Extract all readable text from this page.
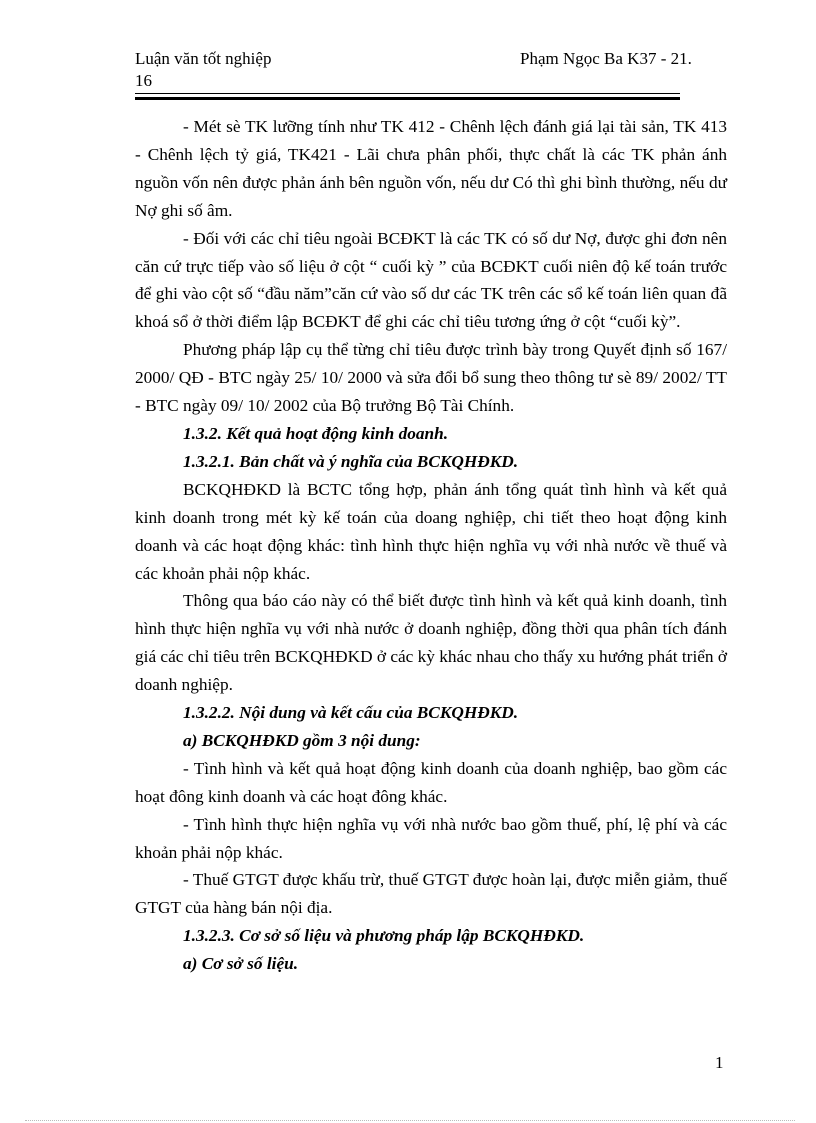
Luận văn tốt nghiệp	Phạm Ngọc Ba K37 - 21.
16

- Mét sè TK lưỡng tính như TK 412 - Chênh lệch đánh giá lại tài sản, TK 413 - Chênh lệch tỷ giá, TK421 - Lãi chưa phân phối, thực chất là các TK phản ánh nguồn vốn nên được phản ánh bên nguồn vốn, nếu dư Có thì ghi bình thường, nếu dư Nợ ghi số âm.

- Đối với các chỉ tiêu ngoài BCĐKT là các TK có số dư Nợ, được ghi đơn nên căn cứ trực tiếp vào số liệu ở cột “ cuối kỳ ” của BCĐKT cuối niên độ kế toán trước để ghi vào cột số “đầu năm”căn cứ vào số dư các TK trên các sổ kế toán liên quan đã khoá sổ ở thời điểm lập BCĐKT để ghi các chỉ tiêu tương ứng ở cột “cuối kỳ”.

Phương pháp lập cụ thể từng chỉ tiêu được trình bày trong Quyết định số 167/ 2000/ QĐ - BTC ngày 25/ 10/ 2000 và sửa đổi bổ sung theo thông tư sè 89/ 2002/ TT - BTC ngày 09/ 10/ 2002 của Bộ trưởng Bộ Tài Chính.

1.3.2. Kết quả hoạt động kinh doanh.

1.3.2.1. Bản chất và ý nghĩa của BCKQHĐKD.

BCKQHĐKD là BCTC tổng hợp, phản ánh tổng quát tình hình và kết quả kinh doanh trong mét kỳ kế toán của doang nghiệp, chi tiết theo hoạt động kinh doanh và các hoạt động khác: tình hình thực hiện nghĩa vụ với nhà nước về thuế và các khoản phải nộp khác.

Thông qua báo cáo này có thể biết được tình hình và kết quả kinh doanh, tình hình thực hiện nghĩa vụ với nhà nước ở doanh nghiệp, đồng thời qua phân tích đánh giá các chỉ tiêu trên BCKQHĐKD ở các kỳ khác nhau cho thấy xu hướng phát triển ở doanh nghiệp.

1.3.2.2. Nội dung và kết cấu của BCKQHĐKD.

a) BCKQHĐKD gồm 3 nội dung:

- Tình hình và kết quả hoạt động kinh doanh của doanh nghiệp, bao gồm các hoạt đông kinh doanh và các hoạt đông khác.

- Tình hình thực hiện nghĩa vụ với nhà nước bao gồm thuế, phí, lệ phí và các khoản phải nộp khác.

- Thuế GTGT được khấu trừ, thuế GTGT được hoàn lại, được miễn giảm, thuế GTGT của hàng bán nội địa.

1.3.2.3. Cơ sở số liệu và phương pháp lập BCKQHĐKD.

a) Cơ sở số liệu.

1
